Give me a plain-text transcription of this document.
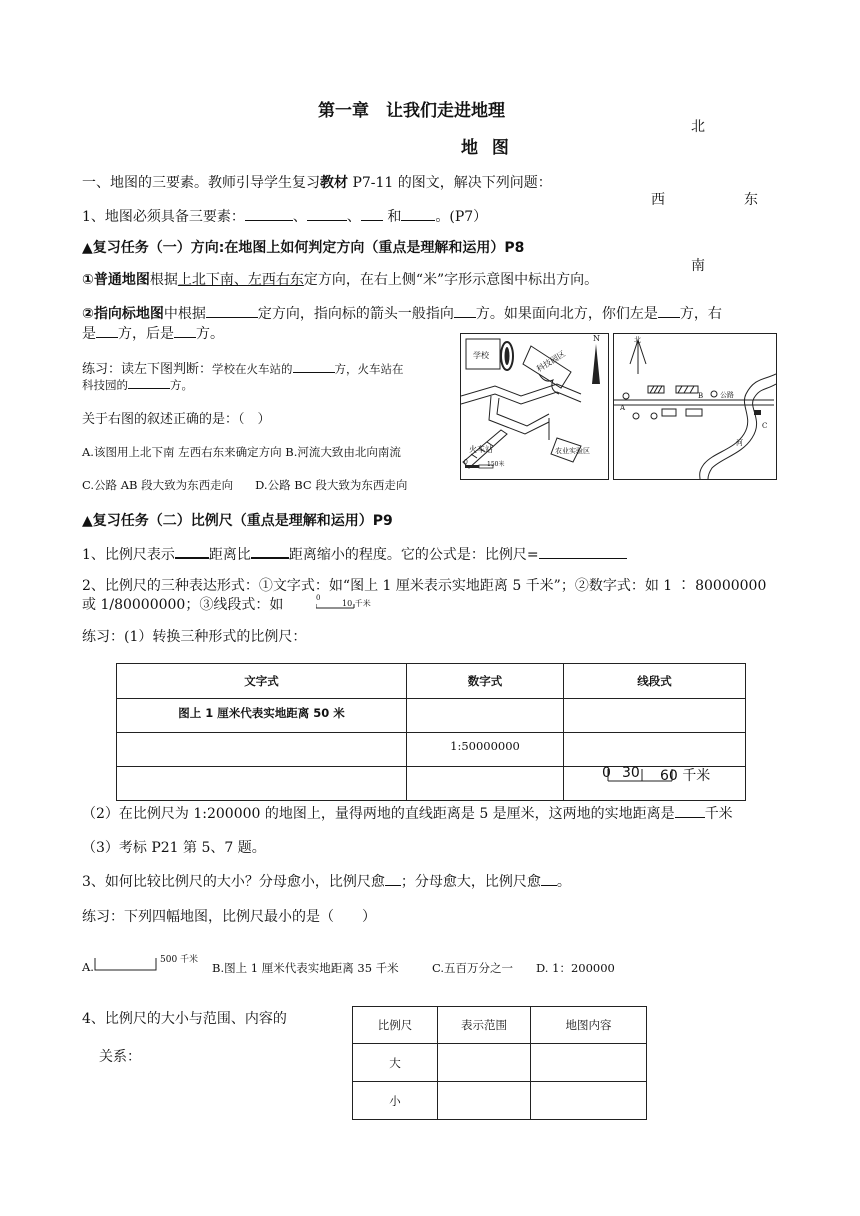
第一章　让我们走进地理
地 图
北
西	东
南
一、地图的三要素。教师引导学生复习教材 P7-11 的图文，解决下列问题：
1、地图必须具备三要素：	、	、 和 。(P7）
▲复习任务（一）方向:在地图上如何判定方向（重点是理解和运用）P8
①普通地图根据上北下南、左西右东定方向，在右上侧“米”字形示意图中标出方向。
②指向标地图中根据	定方向，指向标的箭头一般指向 方。如果面向北方，你们左是 方，右
是 方，后是 方。
练习：读左下图判断：学校在火车站的	方，火车站在
科技园的	方。
关于右图的叙述正确的是：（　）
A.该图用上北下南 左西右东来确定方向 B.河流大致由北向南流
C.公路 AB 段大致为东西走向 D.公路 BC 段大致为东西走向
学校	科技园区
农业实验区
火车站
N
0	150米
北
A
B
C
河
公路
▲复习任务（二）比例尺（重点是理解和运用）P9
1、比例尺表示 距离比	距离缩小的程度。它的公式是：比例尺=
2、比例尺的三种表达形式：①文字式：如“图上 1 厘米表示实地距离 5 千米”；②数字式：如 1 ∶ 80000000
或 1/80000000；③线段式：如	0
10 千米
练习：(1）转换三种形式的比例尺：
文字式	数字式	线段式
图上 1 厘米代表实地距离 50 米		
	1:50000000	

		0 30 60 千米
（2）在比例尺为 1:200000 的地图上，量得两地的直线距离是 5 是厘米，这两地的实地距离是 千米
（3）考标 P21 第 5、7 题。
3、如何比较比例尺的大小？分母愈小，比例尺愈 ；分母愈大，比例尺愈 。
练习：下列四幅地图，比例尺最小的是（　　）
A.	500 千米
B.图上 1 厘米代表实地距离 35 千米	C.五百万分之一 D. 1：200000
4、比例尺的大小与范围、内容的
关系：
比例尺	表示范围	地图内容
大		
小		
